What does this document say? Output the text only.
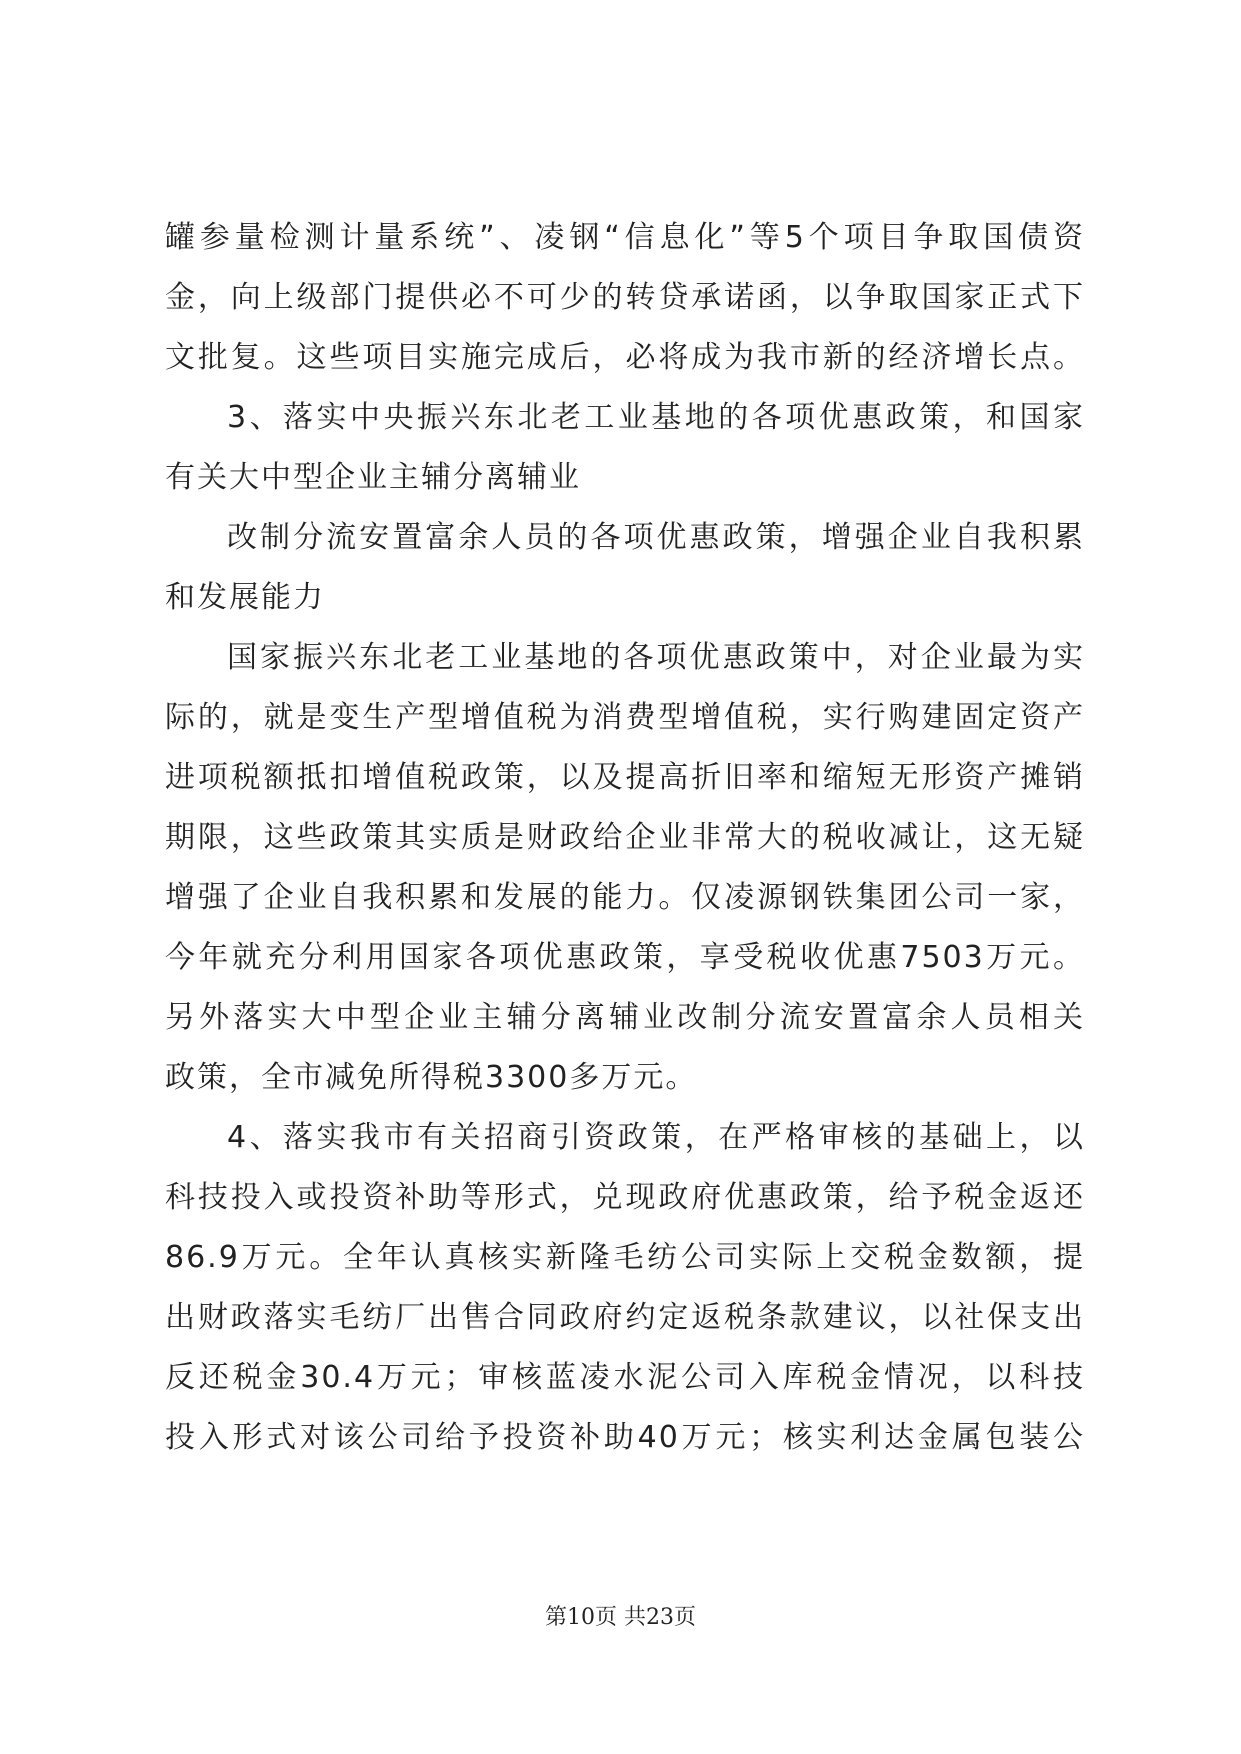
罐参量检测计量系统”、凌钢“信息化”等5个项目争取国债资
金，向上级部门提供必不可少的转贷承诺函，以争取国家正式下
文批复。这些项目实施完成后，必将成为我市新的经济增长点。
3、落实中央振兴东北老工业基地的各项优惠政策，和国家
有关大中型企业主辅分离辅业
改制分流安置富余人员的各项优惠政策，增强企业自我积累
和发展能力
国家振兴东北老工业基地的各项优惠政策中，对企业最为实
际的，就是变生产型增值税为消费型增值税，实行购建固定资产
进项税额抵扣增值税政策，以及提高折旧率和缩短无形资产摊销
期限，这些政策其实质是财政给企业非常大的税收减让，这无疑
增强了企业自我积累和发展的能力。仅凌源钢铁集团公司一家，
今年就充分利用国家各项优惠政策，享受税收优惠7503万元。
另外落实大中型企业主辅分离辅业改制分流安置富余人员相关
政策，全市减免所得税3300多万元。
4、落实我市有关招商引资政策，在严格审核的基础上，以
科技投入或投资补助等形式，兑现政府优惠政策，给予税金返还
86.9万元。全年认真核实新隆毛纺公司实际上交税金数额，提
出财政落实毛纺厂出售合同政府约定返税条款建议，以社保支出
反还税金30.4万元；审核蓝凌水泥公司入库税金情况，以科技
投入形式对该公司给予投资补助40万元；核实利达金属包装公
第10页 共23页
